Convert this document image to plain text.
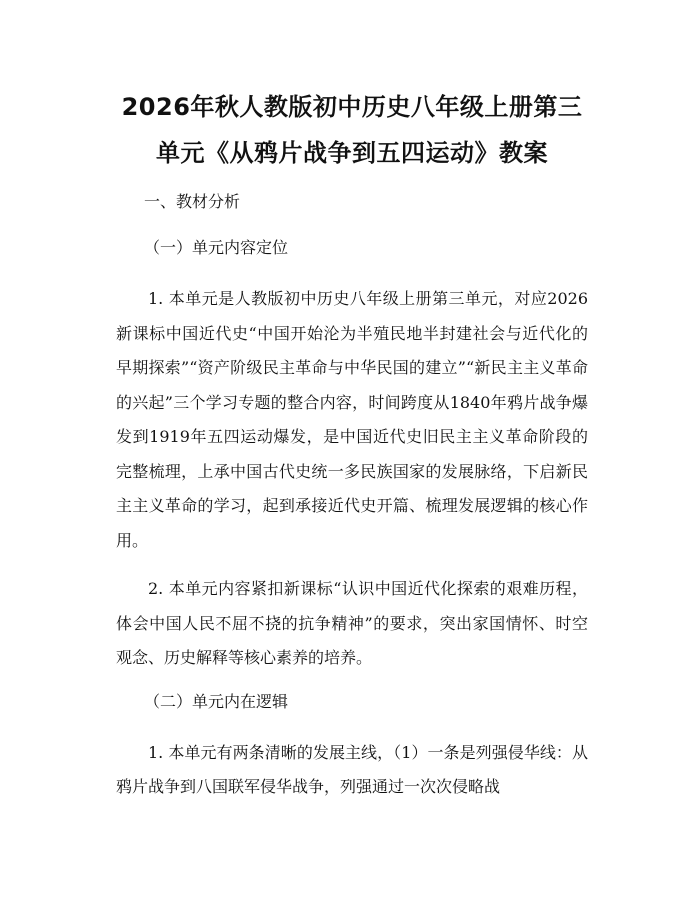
2026年秋人教版初中历史八年级上册第三单元《从鸦片战争到五四运动》教案
一、教材分析
（一）单元内容定位
1. 本单元是人教版初中历史八年级上册第三单元，对应2026新课标中国近代史“中国开始沦为半殖民地半封建社会与近代化的早期探索”“资产阶级民主革命与中华民国的建立”“新民主主义革命的兴起”三个学习专题的整合内容，时间跨度从1840年鸦片战争爆发到1919年五四运动爆发，是中国近代史旧民主主义革命阶段的完整梳理，上承中国古代史统一多民族国家的发展脉络，下启新民主主义革命的学习，起到承接近代史开篇、梳理发展逻辑的核心作用。
2. 本单元内容紧扣新课标“认识中国近代化探索的艰难历程，体会中国人民不屈不挠的抗争精神”的要求，突出家国情怀、时空观念、历史解释等核心素养的培养。
（二）单元内在逻辑
1. 本单元有两条清晰的发展主线，（1）一条是列强侵华线：从鸦片战争到八国联军侵华战争，列强通过一次次侵略战
